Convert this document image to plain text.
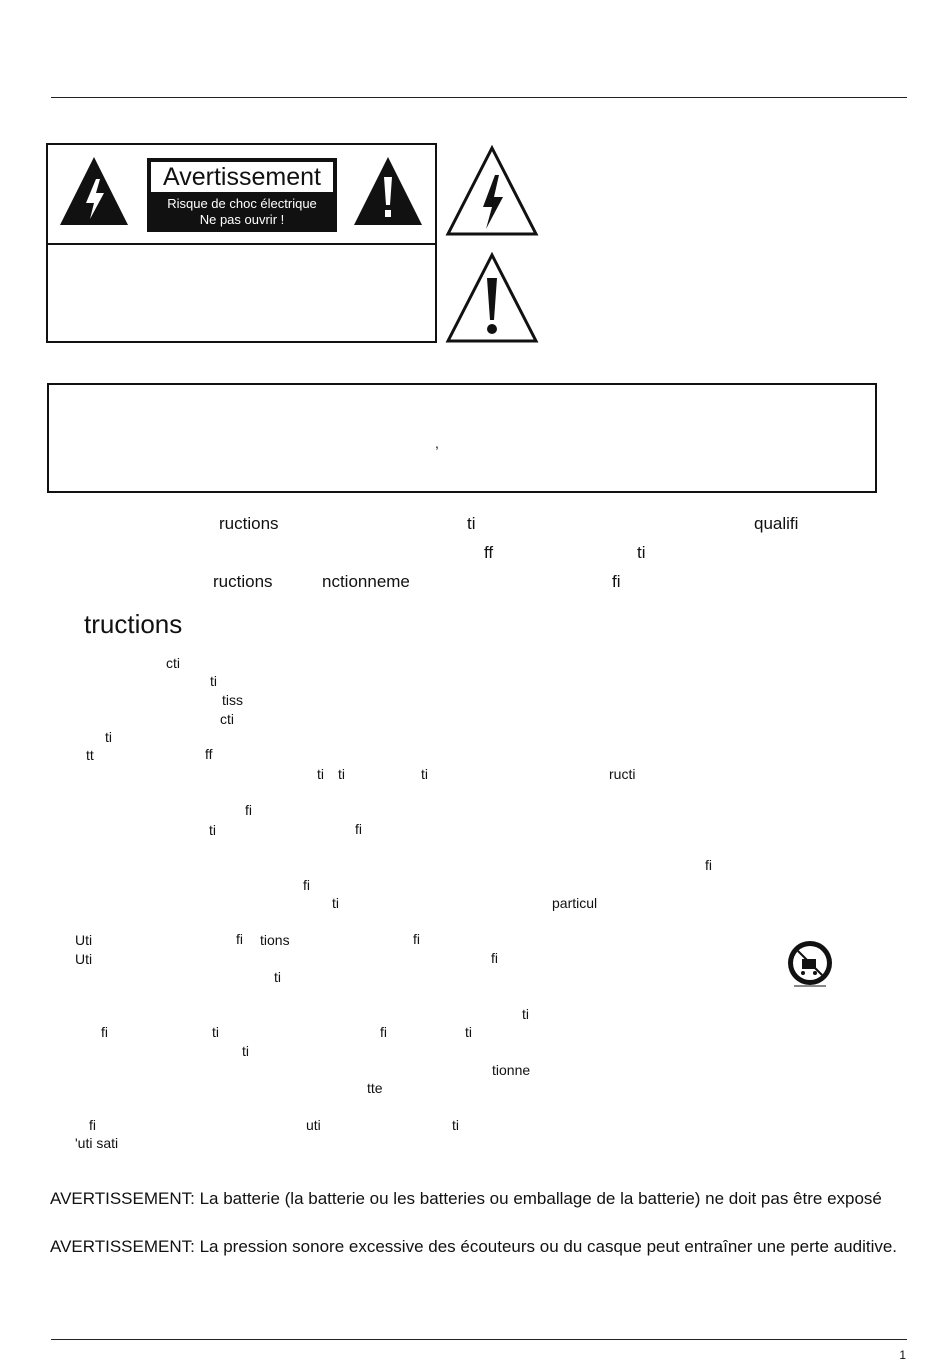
Avertissement
Risque de choc électrique
Ne pas ouvrir !
,
ructions	ti	qualifi
ff	ti
ructions	nctionneme	fi
tructions
cti
ti
tiss
cti
ti
tt	ff
ti ti	ti	ructi
fi
ti	fi
fi
fi
ti	particul
Uti	fi tions	fi
Uti	fi
ti
ti
fi	ti	fi	ti
ti
tionne
tte
fi	uti	ti
'uti sati
AVERTISSEMENT: La batterie (la batterie ou les batteries ou emballage de la batterie) ne doit pas être exposé
AVERTISSEMENT: La pression sonore excessive des écouteurs ou du casque peut entraîner une perte auditive.
1
